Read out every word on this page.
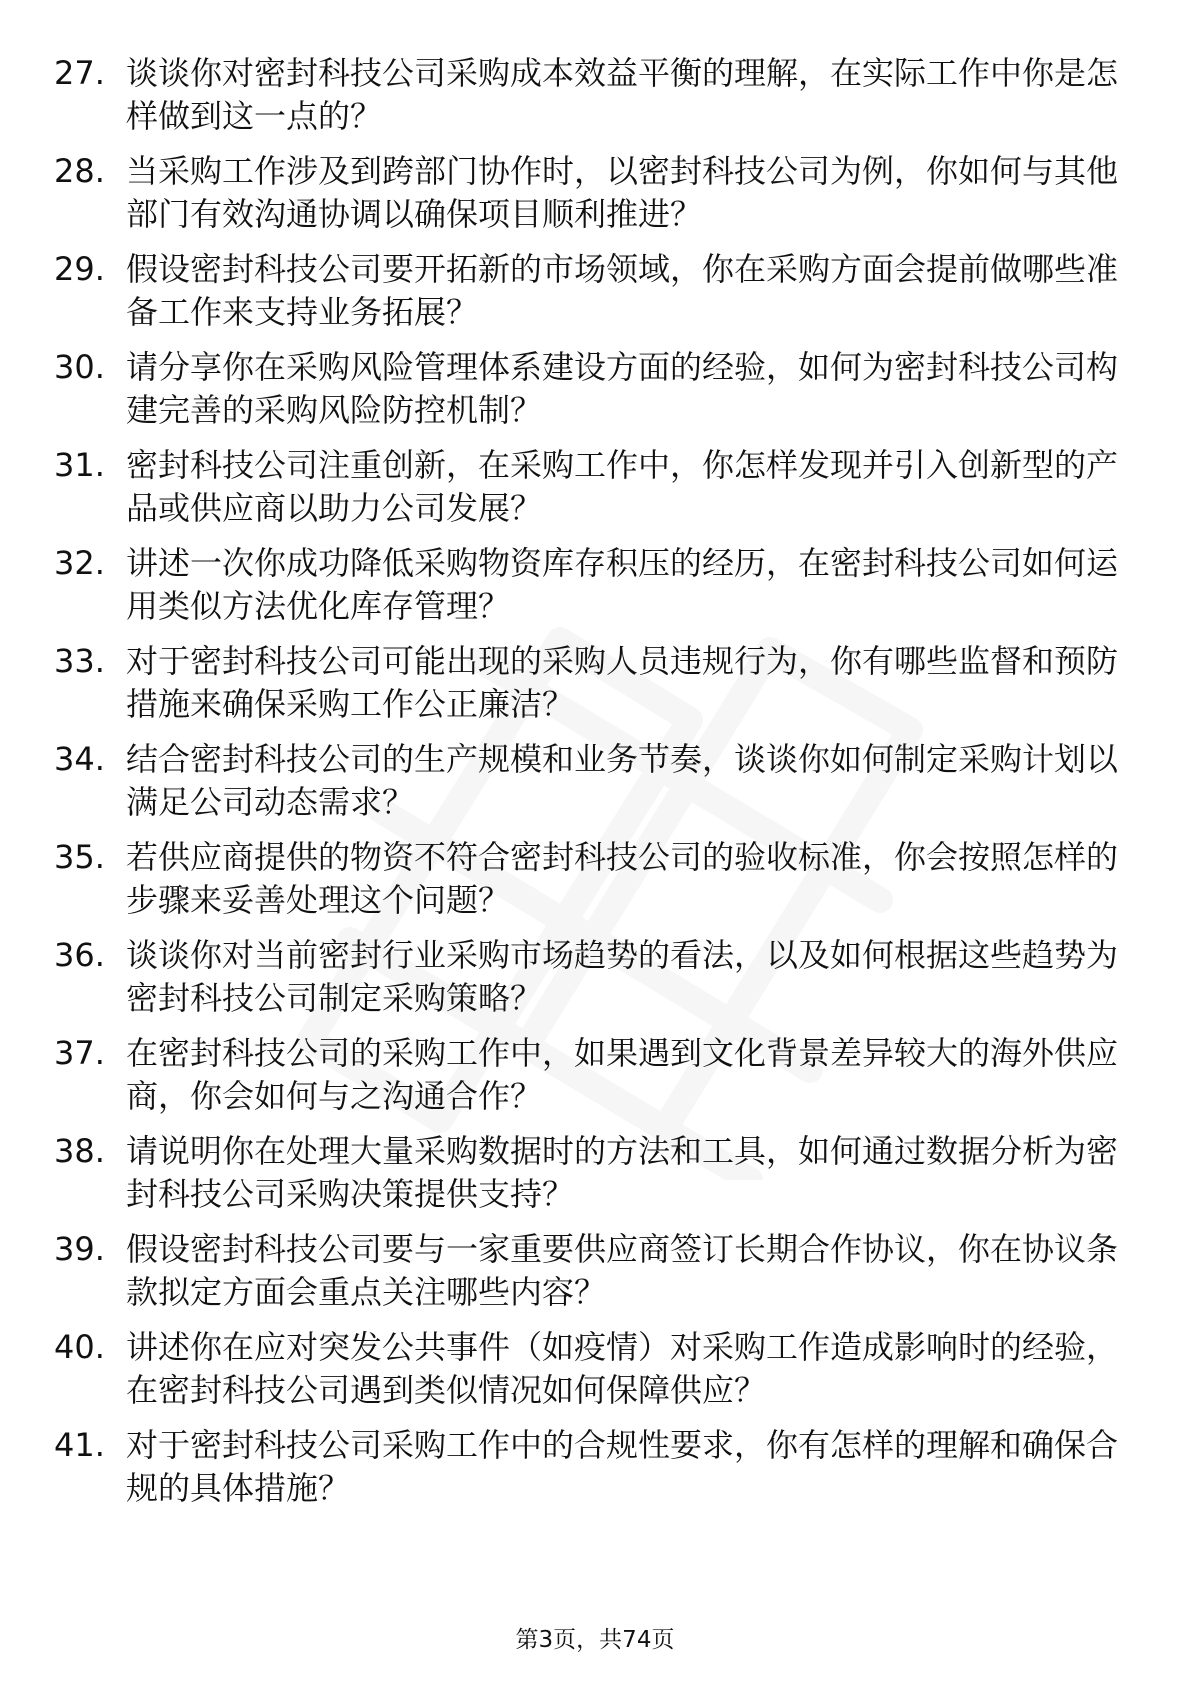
27. 谈谈你对密封科技公司采购成本效益平衡的理解，在实际工作中你是怎样做到这一点的？
28. 当采购工作涉及到跨部门协作时，以密封科技公司为例，你如何与其他部门有效沟通协调以确保项目顺利推进？
29. 假设密封科技公司要开拓新的市场领域，你在采购方面会提前做哪些准备工作来支持业务拓展？
30. 请分享你在采购风险管理体系建设方面的经验，如何为密封科技公司构建完善的采购风险防控机制？
31. 密封科技公司注重创新，在采购工作中，你怎样发现并引入创新型的产品或供应商以助力公司发展？
32. 讲述一次你成功降低采购物资库存积压的经历，在密封科技公司如何运用类似方法优化库存管理？
33. 对于密封科技公司可能出现的采购人员违规行为，你有哪些监督和预防措施来确保采购工作公正廉洁？
34. 结合密封科技公司的生产规模和业务节奏，谈谈你如何制定采购计划以满足公司动态需求？
35. 若供应商提供的物资不符合密封科技公司的验收标准，你会按照怎样的步骤来妥善处理这个问题？
36. 谈谈你对当前密封行业采购市场趋势的看法，以及如何根据这些趋势为密封科技公司制定采购策略？
37. 在密封科技公司的采购工作中，如果遇到文化背景差异较大的海外供应商，你会如何与之沟通合作？
38. 请说明你在处理大量采购数据时的方法和工具，如何通过数据分析为密封科技公司采购决策提供支持？
39. 假设密封科技公司要与一家重要供应商签订长期合作协议，你在协议条款拟定方面会重点关注哪些内容？
40. 讲述你在应对突发公共事件（如疫情）对采购工作造成影响时的经验，在密封科技公司遇到类似情况如何保障供应？
41. 对于密封科技公司采购工作中的合规性要求，你有怎样的理解和确保合规的具体措施？
第3页，共74页
